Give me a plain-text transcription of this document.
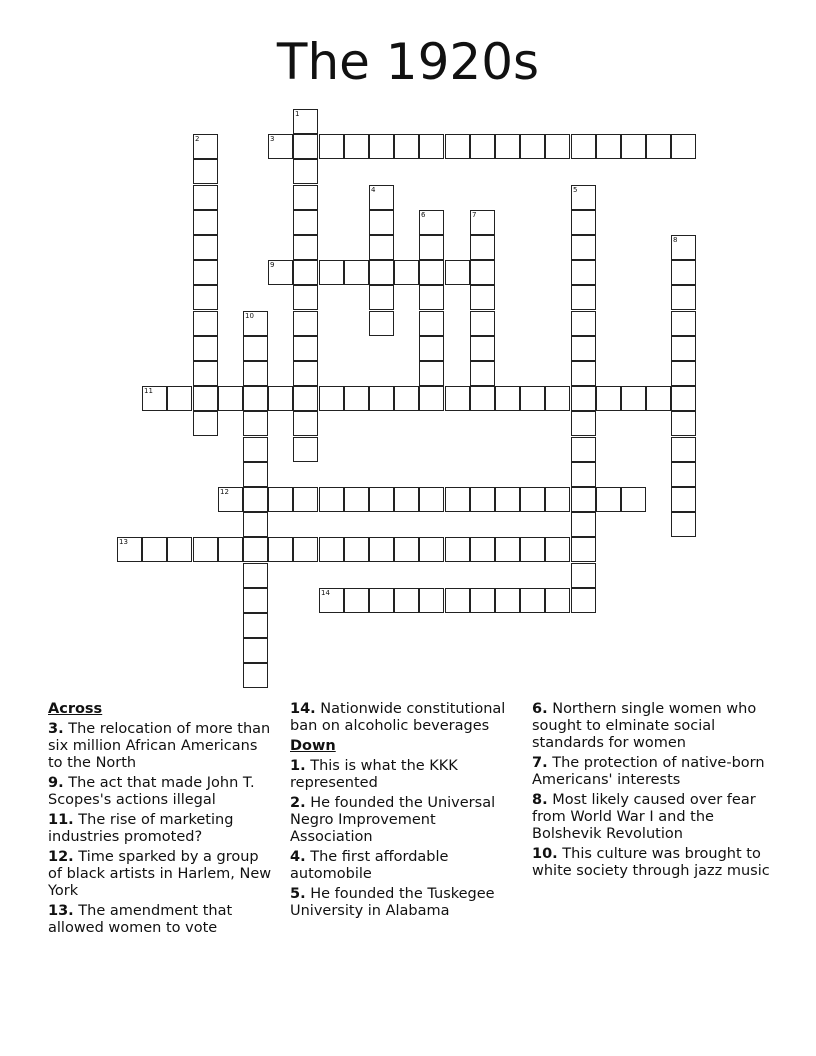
The 1920s
1
2	3
4	5
6	7
8
9
10
11
12
13
14
Across
3. The relocation of more than six million African Americans to the North
9. The act that made John T. Scopes's actions illegal
11. The rise of marketing industries promoted?
12. Time sparked by a group of black artists in Harlem, New York
13. The amendment that allowed women to vote
14. Nationwide constitutional ban on alcoholic beverages
Down
1. This is what the KKK represented
2. He founded the Universal Negro Improvement Association
4. The first affordable automobile
5. He founded the Tuskegee University in Alabama
6. Northern single women who sought to elminate social standards for women
7. The protection of native-born Americans' interests
8. Most likely caused over fear from World War I and the Bolshevik Revolution
10. This culture was brought to white society through jazz music
